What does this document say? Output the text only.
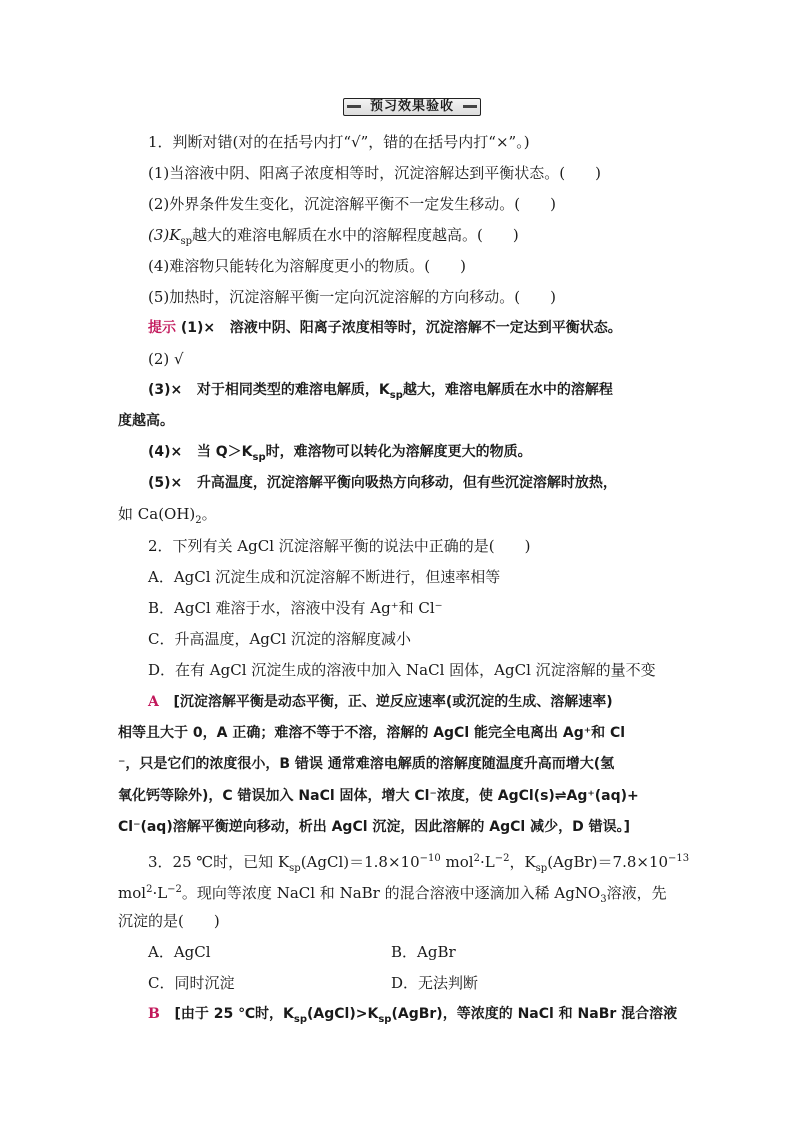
预习效果验收
1．判断对错(对的在括号内打“√”，错的在括号内打“×”。)
(1)当溶液中阴、阳离子浓度相等时，沉淀溶解达到平衡状态。(　　)
(2)外界条件发生变化，沉淀溶解平衡不一定发生移动。(　　)
$(3)K_{sp}$越大的难溶电解质在水中的溶解程度越高。(　　)
(4)难溶物只能转化为溶解度更小的物质。(　　)
(5)加热时，沉淀溶解平衡一定向沉淀溶解的方向移动。(　　)
提示 (1)× 溶液中阴、阳离子浓度相等时，沉淀溶解不一定达到平衡状态。
(2) √
(3)× 对于相同类型的难溶电解质，$K_{sp}$越大，难溶电解质在水中的溶解程
度越高。
(4)× 当 $Q>K_{sp}$时，难溶物可以转化为溶解度更大的物质。
(5)× 升高温度，沉淀溶解平衡向吸热方向移动，但有些沉淀溶解时放热，
如 $Ca(OH)_2$。
2．下列有关 AgCl 沉淀溶解平衡的说法中正确的是(　　)
A．AgCl 沉淀生成和沉淀溶解不断进行，但速率相等
B．AgCl 难溶于水，溶液中没有 Ag⁺和 Cl⁻
C．升高温度，AgCl 沉淀的溶解度减小
D．在有 AgCl 沉淀生成的溶液中加入 NaCl 固体，AgCl 沉淀溶解的量不变
A [沉淀溶解平衡是动态平衡，正、逆反应速率(或沉淀的生成、溶解速率)
相等且大于 0，A 正确；难溶不等于不溶，溶解的 AgCl 能完全电离出 Ag⁺和 Cl
⁻，只是它们的浓度很小，B 错误 通常难溶电解质的溶解度随温度升高而增大(氢
氧化钙等除外)，C 错误加入 NaCl 固体，增大 Cl⁻浓度，使 AgCl(s)⇌Ag⁺(aq)+
Cl⁻(aq)溶解平衡逆向移动，析出 AgCl 沉淀，因此溶解的 AgCl 减少，D 错误。]
3．25 ℃时，已知 $K_{sp}(AgCl)=1.8\times 10^{-10}$ $mol^2\cdot L^{-2}$，$K_{sp}(AgBr)=7.8\times 10^{-13}$
$mol^2\cdot L^{-2}$。现向等浓度 NaCl 和 NaBr 的混合溶液中逐滴加入稀 AgNO$_3$溶液，先
沉淀的是(　　)
A．AgCl	B．AgBr
C．同时沉淀	D．无法判断
B [由于 25 ℃时，$K_{sp}(AgCl)>K_{sp}(AgBr)$，等浓度的 NaCl 和 NaBr 混合溶液
